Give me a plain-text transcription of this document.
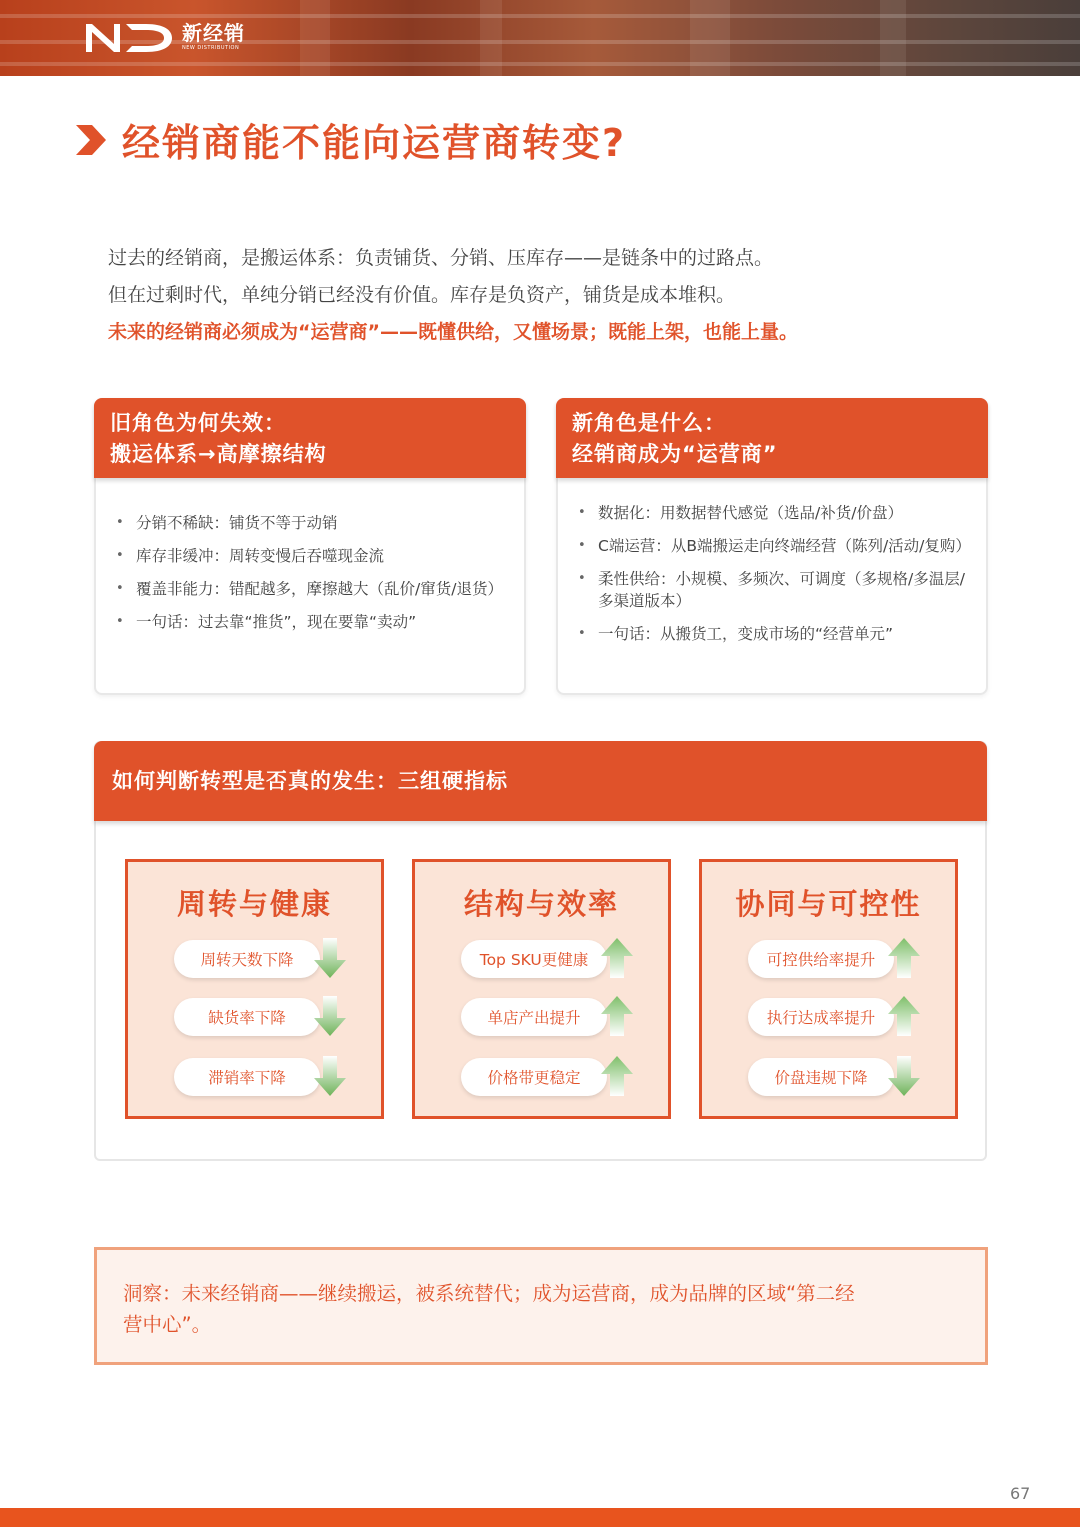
新经销
NEW DISTRIBUTION
经销商能不能向运营商转变?

过去的经销商，是搬运体系：负责铺货、分销、压库存——是链条中的过路点。

但在过剩时代，单纯分销已经没有价值。库存是负资产，铺货是成本堆积。

未来的经销商必须成为“运营商”——既懂供给，又懂场景；既能上架，也能上量。

旧角色为何失效：
搬运体系→高摩擦结构
• 分销不稀缺：铺货不等于动销
• 库存非缓冲：周转变慢后吞噬现金流
• 覆盖非能力：错配越多，摩擦越大（乱价/窜货/退货）
• 一句话：过去靠“推货”，现在要靠“卖动”
新角色是什么：
经销商成为“运营商”
• 数据化：用数据替代感觉（选品/补货/价盘）
• C端运营：从B端搬运走向终端经营（陈列/活动/复购）
• 柔性供给：小规模、多频次、可调度（多规格/多温层/多渠道版本）
• 一句话：从搬货工，变成市场的“经营单元”
如何判断转型是否真的发生：三组硬指标
周转与健康
周转天数下降
缺货率下降
滞销率下降
结构与效率
Top SKU更健康
单店产出提升
价格带更稳定
协同与可控性
可控供给率提升
执行达成率提升
价盘违规下降

洞察：未来经销商——继续搬运，被系统替代；成为运营商，成为品牌的区域“第二经

营中心”。

67
